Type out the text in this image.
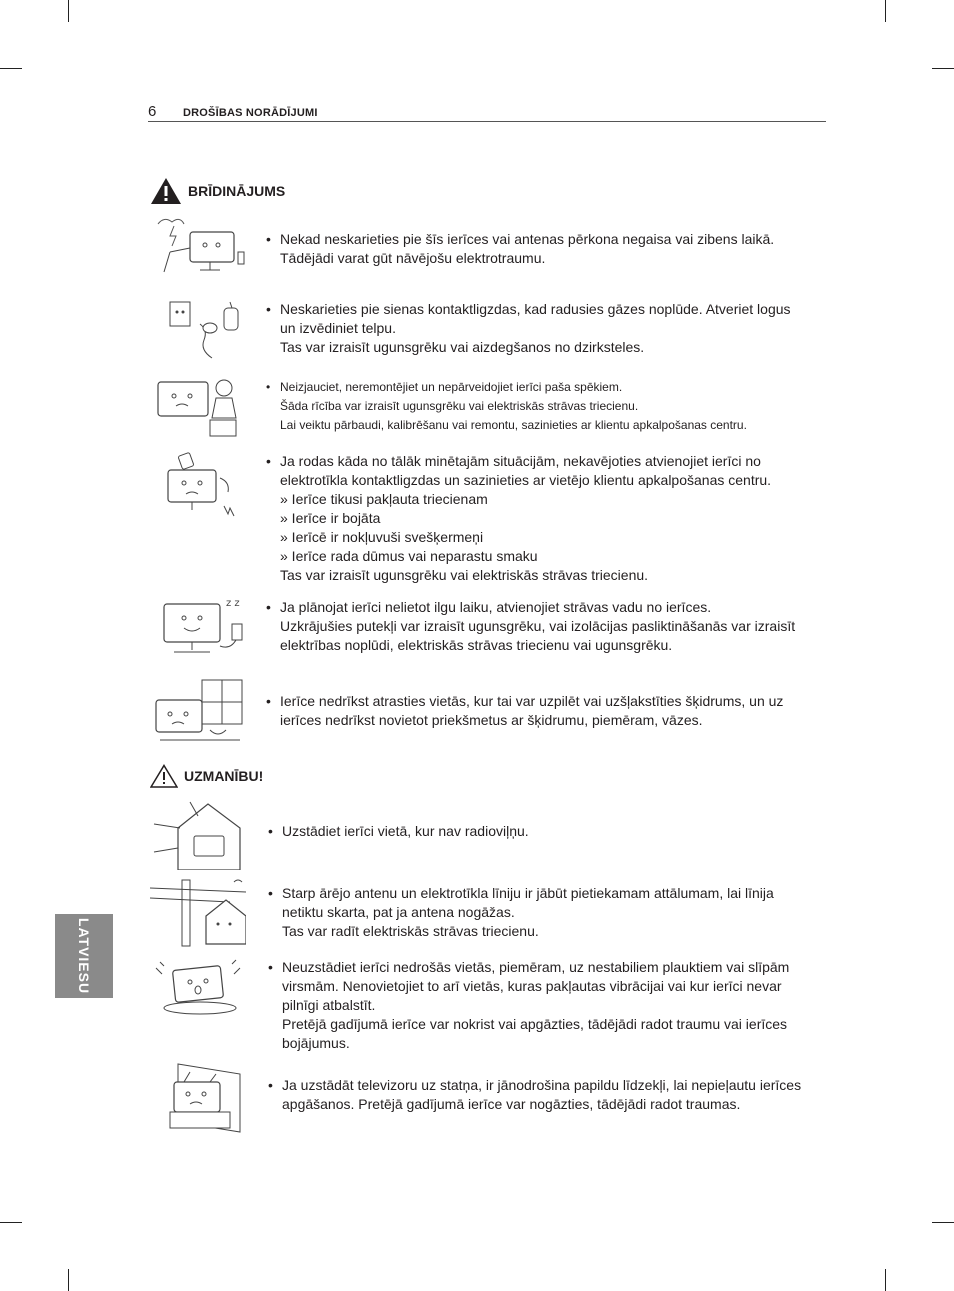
6 DROŠĪBAS NORĀDĪJUMI
LATVIESU
BRĪDINĀJUMS
• Nekad neskarieties pie šīs ierīces vai antenas pērkona negaisa vai zibens laikā.
Tādējādi varat gūt nāvējošu elektrotraumu.
• Neskarieties pie sienas kontaktligzdas, kad radusies gāzes noplūde. Atveriet logus
un izvēdiniet telpu.
Tas var izraisīt ugunsgrēku vai aizdegšanos no dzirksteles.
• Neizjauciet, neremontējiet un nepārveidojiet ierīci paša spēkiem.
Šāda rīcība var izraisīt ugunsgrēku vai elektriskās strāvas triecienu.
Lai veiktu pārbaudi, kalibrēšanu vai remontu, sazinieties ar klientu apkalpošanas centru.
• Ja rodas kāda no tālāk minētajām situācijām, nekavējoties atvienojiet ierīci no
elektrotīkla kontaktligzdas un sazinieties ar vietējo klientu apkalpošanas centru.
» Ierīce tikusi pakļauta triecienam
» Ierīce ir bojāta
» Ierīcē ir nokļuvuši svešķermeņi
» Ierīce rada dūmus vai neparastu smaku
Tas var izraisīt ugunsgrēku vai elektriskās strāvas triecienu.
z z
•	Ja plānojat ierīci nelietot ilgu laiku, atvienojiet strāvas vadu no ierīces.
Uzkrājušies putekļi var izraisīt ugunsgrēku, vai izolācijas pasliktināšanās var izraisīt
elektrības noplūdi, elektriskās strāvas triecienu vai ugunsgrēku.
• Ierīce nedrīkst atrasties vietās, kur tai var uzpilēt vai uzšļakstīties šķidrums, un uz
ierīces nedrīkst novietot priekšmetus ar šķidrumu, piemēram, vāzes.
UZMANĪBU!
• Uzstādiet ierīci vietā, kur nav radioviļņu.
• Starp ārējo antenu un elektrotīkla līniju ir jābūt pietiekamam attālumam, lai līnija
netiktu skarta, pat ja antena nogāžas.
Tas var radīt elektriskās strāvas triecienu.
• Neuzstādiet ierīci nedrošās vietās, piemēram, uz nestabiliem plauktiem vai slīpām
virsmām. Nenovietojiet to arī vietās, kuras pakļautas vibrācijai vai kur ierīci nevar
pilnīgi atbalstīt.
Pretējā gadījumā ierīce var nokrist vai apgāzties, tādējādi radot traumu vai ierīces
bojājumus.
• Ja uzstādāt televizoru uz statņa, ir jānodrošina papildu līdzekļi, lai nepieļautu ierīces
apgāšanos. Pretējā gadījumā ierīce var nogāzties, tādējādi radot traumas.
